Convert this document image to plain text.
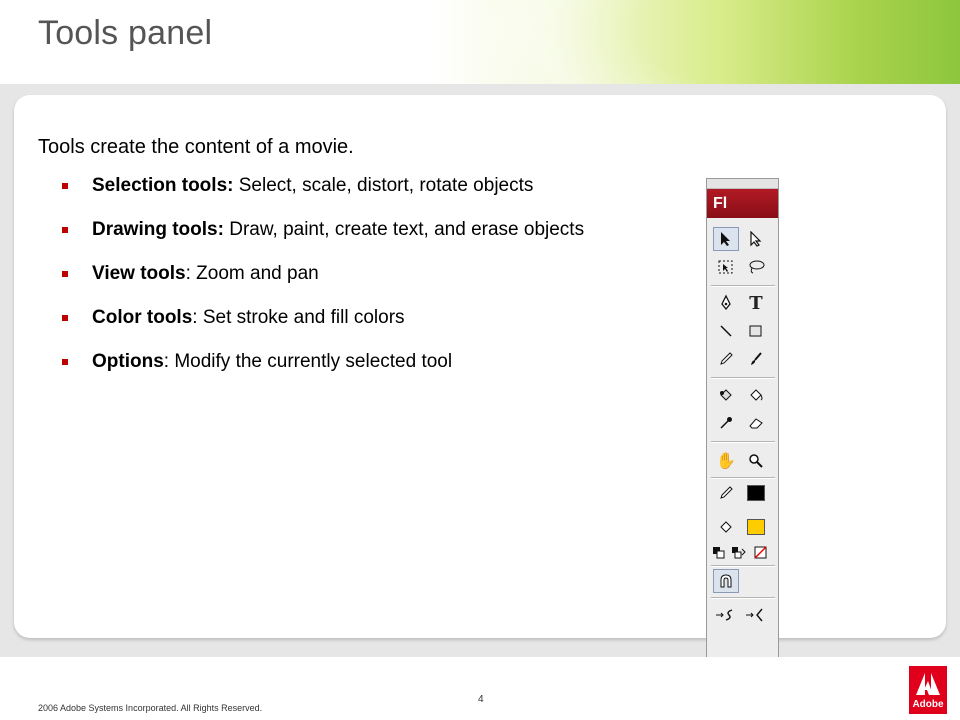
Tools panel
Tools create the content of a movie.
Selection tools: Select, scale, distort, rotate objects
Drawing tools: Draw, paint, create text, and erase objects
View tools: Zoom and pan
Color tools: Set stroke and fill colors
Options: Modify the currently selected tool
Fl
T
✋
4
2006 Adobe Systems Incorporated. All Rights Reserved.	Adobe
